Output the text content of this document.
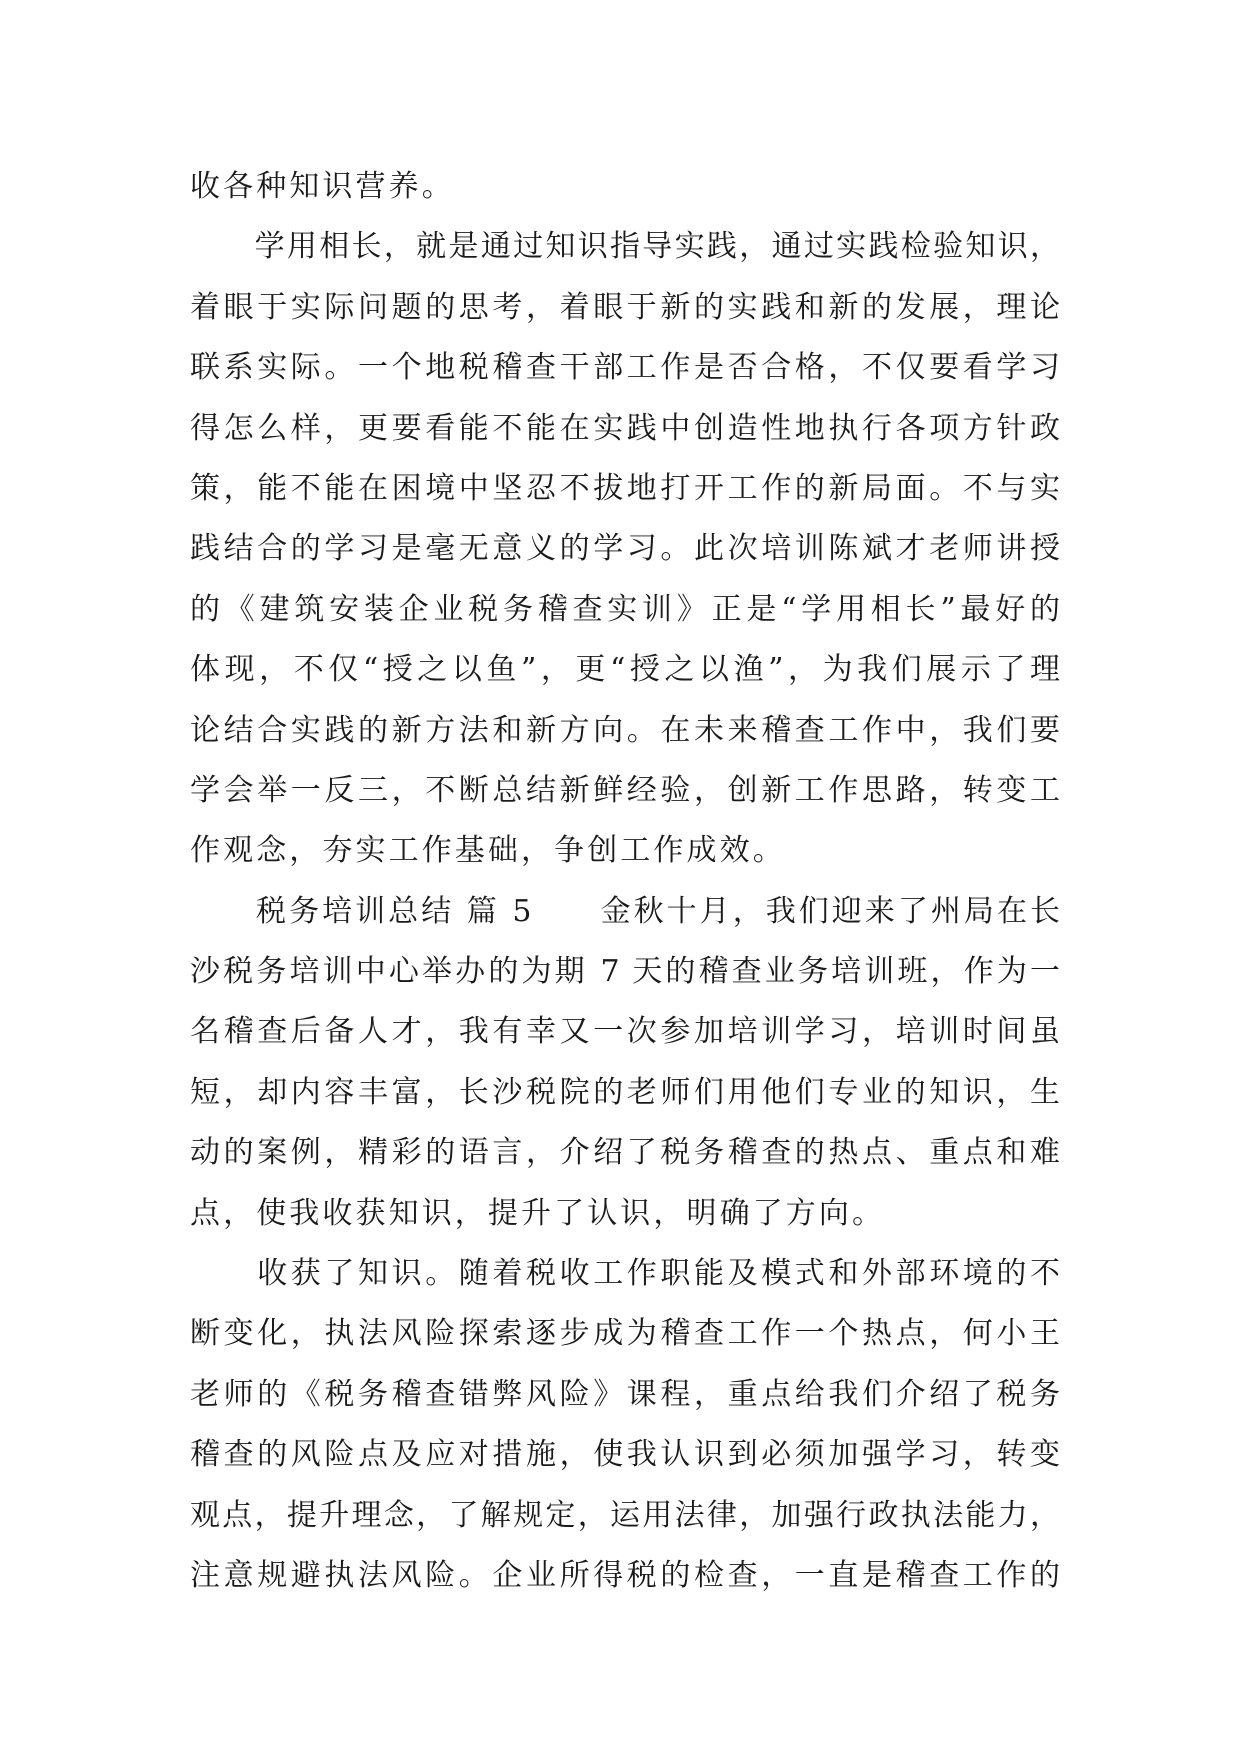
收各种知识营养。
　　学用相长，就是通过知识指导实践，通过实践检验知识，
着眼于实际问题的思考，着眼于新的实践和新的发展，理论
联系实际。一个地税稽查干部工作是否合格，不仅要看学习
得怎么样，更要看能不能在实践中创造性地执行各项方针政
策，能不能在困境中坚忍不拔地打开工作的新局面。不与实
践结合的学习是毫无意义的学习。此次培训陈斌才老师讲授
的《建筑安装企业税务稽查实训》正是“学用相长”最好的
体现，不仅“授之以鱼”，更“授之以渔”，为我们展示了理
论结合实践的新方法和新方向。在未来稽查工作中，我们要
学会举一反三，不断总结新鲜经验，创新工作思路，转变工
作观念，夯实工作基础，争创工作成效。
　　税务培训总结 篇 5　　金秋十月，我们迎来了州局在长
沙税务培训中心举办的为期 7 天的稽查业务培训班，作为一
名稽查后备人才，我有幸又一次参加培训学习，培训时间虽
短，却内容丰富，长沙税院的老师们用他们专业的知识，生
动的案例，精彩的语言，介绍了税务稽查的热点、重点和难
点，使我收获知识，提升了认识，明确了方向。
　　收获了知识。随着税收工作职能及模式和外部环境的不
断变化，执法风险探索逐步成为稽查工作一个热点，何小王
老师的《税务稽查错弊风险》课程，重点给我们介绍了税务
稽查的风险点及应对措施，使我认识到必须加强学习，转变
观点，提升理念，了解规定，运用法律，加强行政执法能力，
注意规避执法风险。企业所得税的检查，一直是稽查工作的
